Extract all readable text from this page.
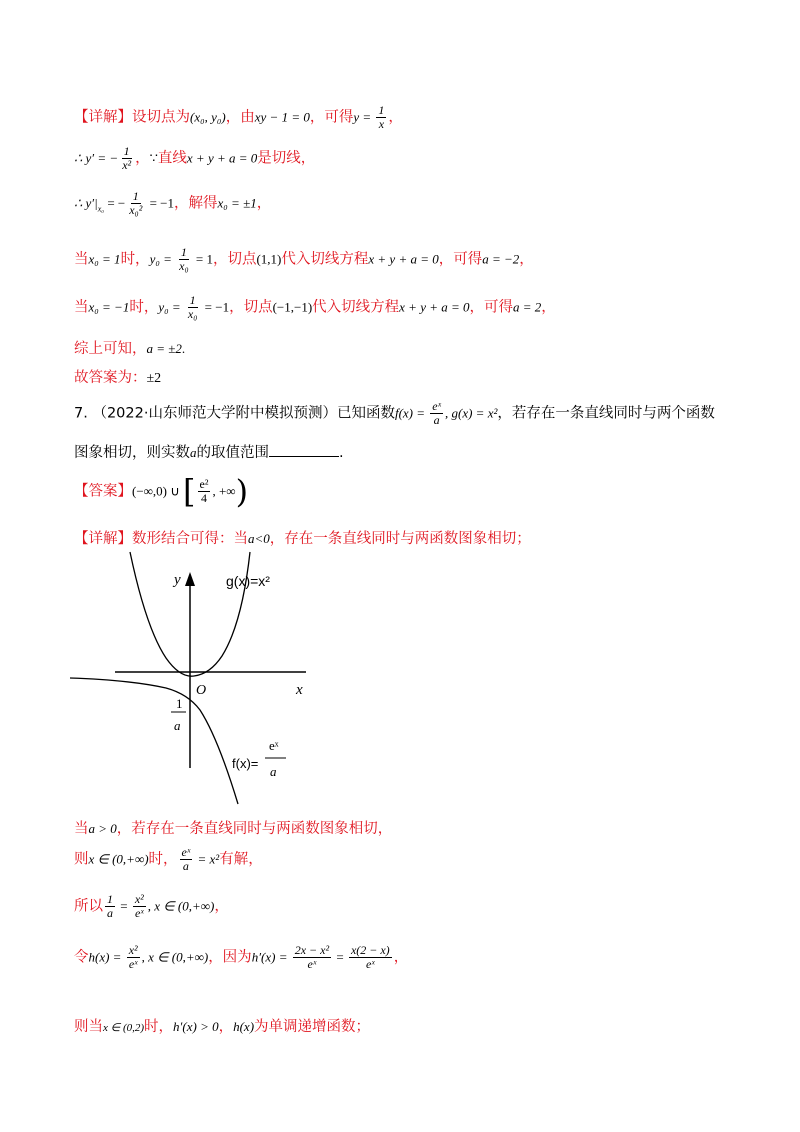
【详解】设切点为(x₀, y₀)，由xy − 1 = 0，可得$y = \frac{1}{x}$ ，
∴ y′ = − $\frac{1}{\text{x²}}$ ，∵直线x + y + a = 0是切线，
∴ $y'|_{x_0}$ = − $\frac{1}{\text{x₀²}} = -1$，解得x₀ = ±1，
当x₀ = 1时，$y_0 = \frac{1}{\text{x₀}} = 1$，切点(1,1)代入切线方程x + y + a = 0，可得a = −2，
当x₀ = −1时，$y_0 = \frac{1}{\text{x₀}} = -1$，切点(−1,−1)代入切线方程x + y + a = 0，可得a = 2，
综上可知，a = ±2.
故答案为：±2
7. （2022·山东师范大学附中模拟预测）已知函数$f(x) = \frac{\text{eˣ}}{a}$ , g(x) = x²，若存在一条直线同时与两个函数
图象相切，则实数a的取值范围	.
【答案】(−∞,0) ∪ [ $\frac{\text{e²}}{4}$ , +∞)
【详解】数形结合可得：当a<0，存在一条直线同时与两函数图象相切；
y
x
O
g(x)=x²
1
a
f(x)=
eˣ
a
当a > 0，若存在一条直线同时与两函数图象相切，
则x ∈ (0,+∞)时， $\frac{\text{eˣ}}{a} = x^2$有解，
所以 $\frac{1}{a} = \frac{\text{x²}}{\text{eˣ}}$ , x ∈ (0,+∞)，
令$h(x) = \frac{\text{x²}}{\text{eˣ}}$ , x ∈ (0,+∞)，因为$h'(x) = \frac{\text{2x − x²}}{\text{eˣ}} = \frac{x(2 - x)}{\text{eˣ}}$ ，
则当x ∈ (0,2)时，h′(x) > 0，h(x)为单调递增函数；
